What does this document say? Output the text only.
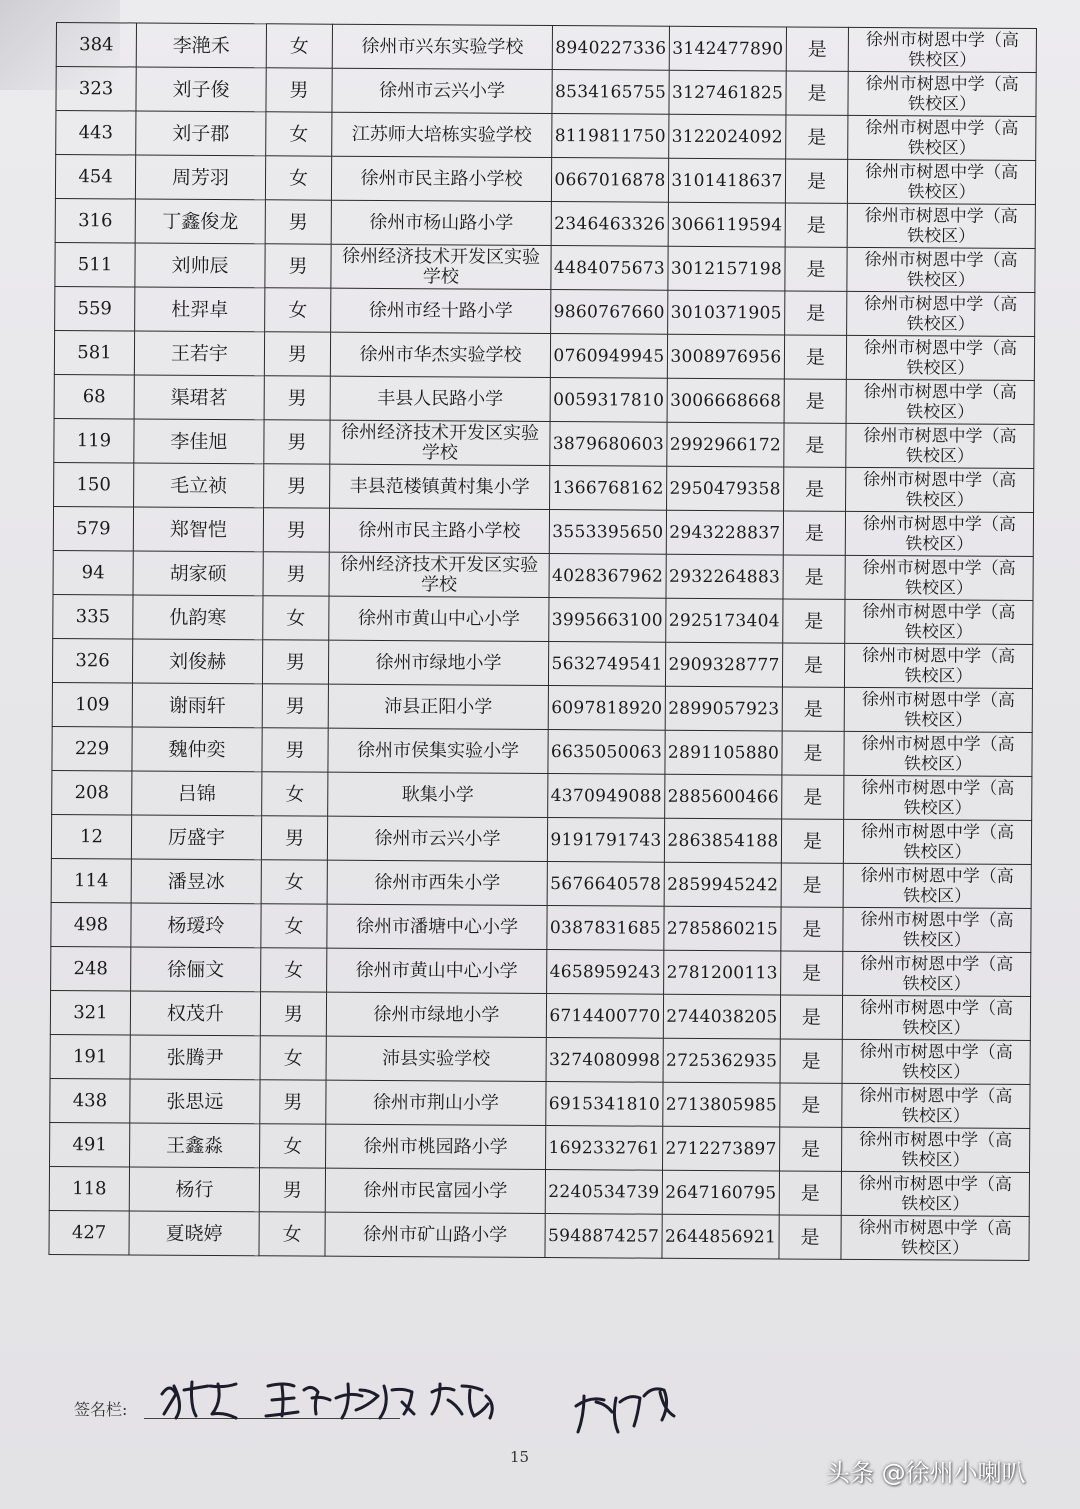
384	李滟禾	女	徐州市兴东实验学校	8940227336	3142477890	是	徐州市树恩中学（高
铁校区）

323	刘子俊	男	徐州市云兴小学	8534165755	3127461825	是	徐州市树恩中学（高
铁校区）

443	刘子郡	女	江苏师大培栋实验学校	8119811750	3122024092	是	徐州市树恩中学（高
铁校区）

454	周芳羽	女	徐州市民主路小学校	0667016878	3101418637	是	徐州市树恩中学（高
铁校区）

316	丁鑫俊龙	男	徐州市杨山路小学	2346463326	3066119594	是	徐州市树恩中学（高
铁校区）

511	刘帅辰	男	徐州经济技术开发区实验学校	4484075673	3012157198	是	徐州市树恩中学（高
铁校区）

559	杜羿卓	女	徐州市经十路小学	9860767660	3010371905	是	徐州市树恩中学（高
铁校区）

581	王若宇	男	徐州市华杰实验学校	0760949945	3008976956	是	徐州市树恩中学（高
铁校区）

68	渠珺茗	男	丰县人民路小学	0059317810	3006668668	是	徐州市树恩中学（高
铁校区）

119	李佳旭	男	徐州经济技术开发区实验学校	3879680603	2992966172	是	徐州市树恩中学（高
铁校区）

150	毛立祯	男	丰县范楼镇黄村集小学	1366768162	2950479358	是	徐州市树恩中学（高
铁校区）

579	郑智恺	男	徐州市民主路小学校	3553395650	2943228837	是	徐州市树恩中学（高
铁校区）

94	胡家硕	男	徐州经济技术开发区实验学校	4028367962	2932264883	是	徐州市树恩中学（高
铁校区）

335	仇韵寒	女	徐州市黄山中心小学	3995663100	2925173404	是	徐州市树恩中学（高
铁校区）

326	刘俊赫	男	徐州市绿地小学	5632749541	2909328777	是	徐州市树恩中学（高
铁校区）

109	谢雨轩	男	沛县正阳小学	6097818920	2899057923	是	徐州市树恩中学（高
铁校区）

229	魏仲奕	男	徐州市侯集实验小学	6635050063	2891105880	是	徐州市树恩中学（高
铁校区）

208	吕锦	女	耿集小学	4370949088	2885600466	是	徐州市树恩中学（高
铁校区）

12	厉盛宇	男	徐州市云兴小学	9191791743	2863854188	是	徐州市树恩中学（高
铁校区）

114	潘昱冰	女	徐州市西朱小学	5676640578	2859945242	是	徐州市树恩中学（高
铁校区）

498	杨瑷玲	女	徐州市潘塘中心小学	0387831685	2785860215	是	徐州市树恩中学（高
铁校区）

248	徐俪文	女	徐州市黄山中心小学	4658959243	2781200113	是	徐州市树恩中学（高
铁校区）

321	权茂升	男	徐州市绿地小学	6714400770	2744038205	是	徐州市树恩中学（高
铁校区）

191	张腾尹	女	沛县实验学校	3274080998	2725362935	是	徐州市树恩中学（高
铁校区）

438	张思远	男	徐州市荆山小学	6915341810	2713805985	是	徐州市树恩中学（高
铁校区）

491	王鑫淼	女	徐州市桃园路小学	1692332761	2712273897	是	徐州市树恩中学（高
铁校区）

118	杨行	男	徐州市民富园小学	2240534739	2647160795	是	徐州市树恩中学（高
铁校区）

427	夏晓婷	女	徐州市矿山路小学	5948874257	2644856921	是	徐州市树恩中学（高
铁校区）
签名栏:
15
头条 @徐州小喇叭
